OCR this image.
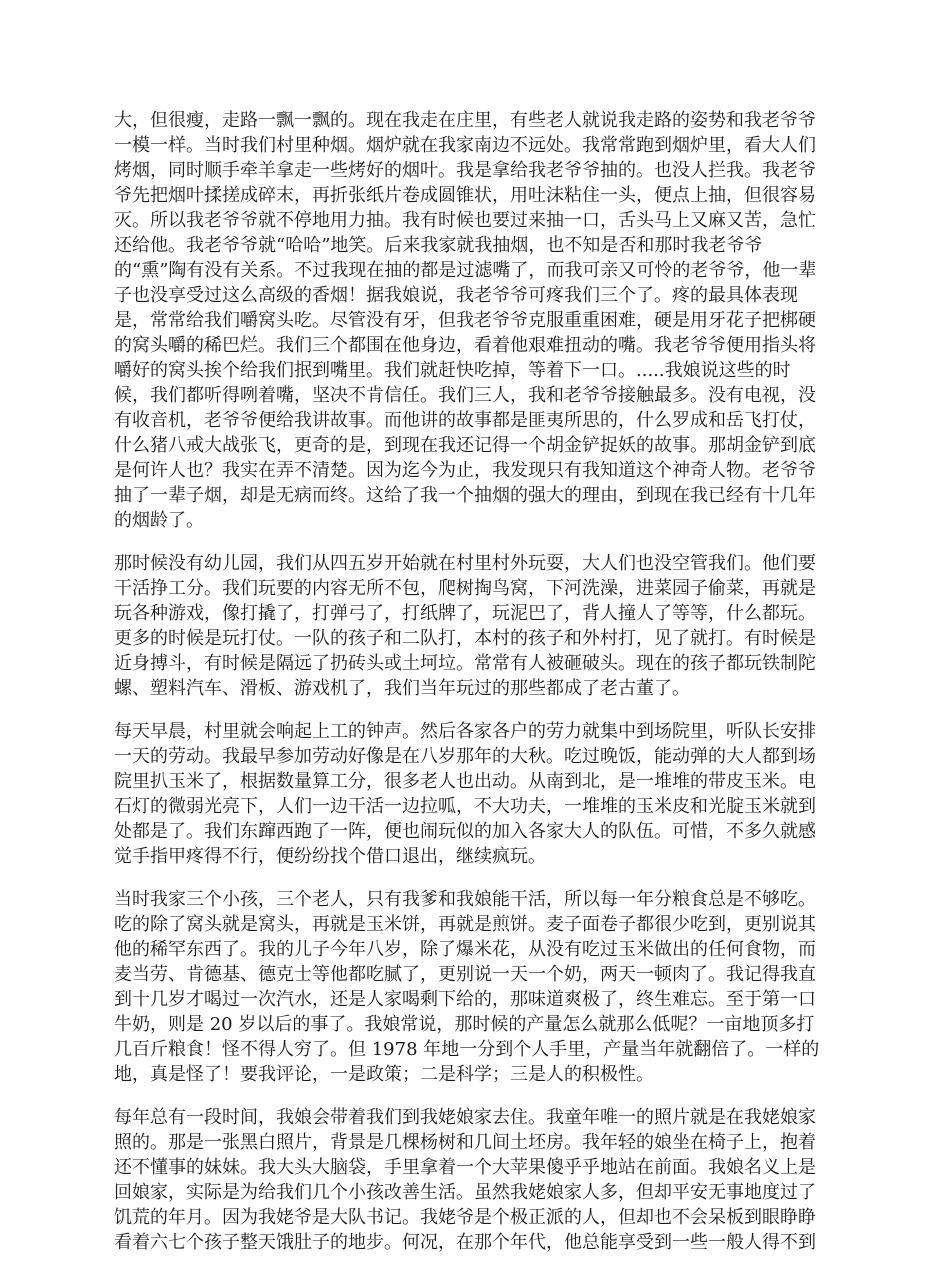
大，但很瘦，走路一飘一飘的。现在我走在庄里，有些老人就说我走路的姿势和我老爷爷
一模一样。当时我们村里种烟。烟炉就在我家南边不远处。我常常跑到烟炉里，看大人们
烤烟，同时顺手牵羊拿走一些烤好的烟叶。我是拿给我老爷爷抽的。也没人拦我。我老爷
爷先把烟叶揉搓成碎末，再折张纸片卷成圆锥状，用吐沫粘住一头，便点上抽，但很容易
灭。所以我老爷爷就不停地用力抽。我有时候也要过来抽一口，舌头马上又麻又苦，急忙
还给他。我老爷爷就“哈哈”地笑。后来我家就我抽烟，也不知是否和那时我老爷爷
的“熏”陶有没有关系。不过我现在抽的都是过滤嘴了，而我可亲又可怜的老爷爷，他一辈
子也没享受过这么高级的香烟！据我娘说，我老爷爷可疼我们三个了。疼的最具体表现
是，常常给我们嚼窝头吃。尽管没有牙，但我老爷爷克服重重困难，硬是用牙花子把梆硬
的窝头嚼的稀巴烂。我们三个都围在他身边，看着他艰难扭动的嘴。我老爷爷便用指头将
嚼好的窝头挨个给我们抿到嘴里。我们就赶快吃掉，等着下一口。.....我娘说这些的时
候，我们都听得咧着嘴，坚决不肯信任。我们三人，我和老爷爷接触最多。没有电视，没
有收音机，老爷爷便给我讲故事。而他讲的故事都是匪夷所思的，什么罗成和岳飞打仗，
什么猪八戒大战张飞，更奇的是，到现在我还记得一个胡金铲捉妖的故事。那胡金铲到底
是何许人也？我实在弄不清楚。因为迄今为止，我发现只有我知道这个神奇人物。老爷爷
抽了一辈子烟，却是无病而终。这给了我一个抽烟的强大的理由，到现在我已经有十几年
的烟龄了。
那时候没有幼儿园，我们从四五岁开始就在村里村外玩耍，大人们也没空管我们。他们要
干活挣工分。我们玩要的内容无所不包，爬树掏鸟窝，下河洗澡，进菜园子偷菜，再就是
玩各种游戏，像打撬了，打弹弓了，打纸牌了，玩泥巴了，背人撞人了等等，什么都玩。
更多的时候是玩打仗。一队的孩子和二队打，本村的孩子和外村打，见了就打。有时候是
近身搏斗，有时候是隔远了扔砖头或土坷垃。常常有人被砸破头。现在的孩子都玩铁制陀
螺、塑料汽车、滑板、游戏机了，我们当年玩过的那些都成了老古董了。
每天早晨，村里就会响起上工的钟声。然后各家各户的劳力就集中到场院里，听队长安排
一天的劳动。我最早参加劳动好像是在八岁那年的大秋。吃过晚饭，能动弹的大人都到场
院里扒玉米了，根据数量算工分，很多老人也出动。从南到北，是一堆堆的带皮玉米。电
石灯的微弱光亮下，人们一边干活一边拉呱，不大功夫，一堆堆的玉米皮和光腚玉米就到
处都是了。我们东蹿西跑了一阵，便也闹玩似的加入各家大人的队伍。可惜，不多久就感
觉手指甲疼得不行，便纷纷找个借口退出，继续疯玩。
当时我家三个小孩，三个老人，只有我爹和我娘能干活，所以每一年分粮食总是不够吃。
吃的除了窝头就是窝头，再就是玉米饼，再就是煎饼。麦子面卷子都很少吃到，更别说其
他的稀罕东西了。我的儿子今年八岁，除了爆米花，从没有吃过玉米做出的任何食物，而
麦当劳、肯德基、德克士等他都吃腻了，更别说一天一个奶，两天一顿肉了。我记得我直
到十几岁才喝过一次汽水，还是人家喝剩下给的，那味道爽极了，终生难忘。至于第一口
牛奶，则是 20 岁以后的事了。我娘常说，那时候的产量怎么就那么低呢？一亩地顶多打
几百斤粮食！怪不得人穷了。但 1978 年地一分到个人手里，产量当年就翻倍了。一样的
地，真是怪了！要我评论，一是政策；二是科学；三是人的积极性。
每年总有一段时间，我娘会带着我们到我姥娘家去住。我童年唯一的照片就是在我姥娘家
照的。那是一张黑白照片，背景是几棵杨树和几间土坯房。我年轻的娘坐在椅子上，抱着
还不懂事的妹妹。我大头大脑袋，手里拿着一个大苹果傻乎乎地站在前面。我娘名义上是
回娘家，实际是为给我们几个小孩改善生活。虽然我姥娘家人多，但却平安无事地度过了
饥荒的年月。因为我姥爷是大队书记。我姥爷是个极正派的人，但却也不会呆板到眼睁睁
看着六七个孩子整天饿肚子的地步。何况，在那个年代，他总能享受到一些一般人得不到
